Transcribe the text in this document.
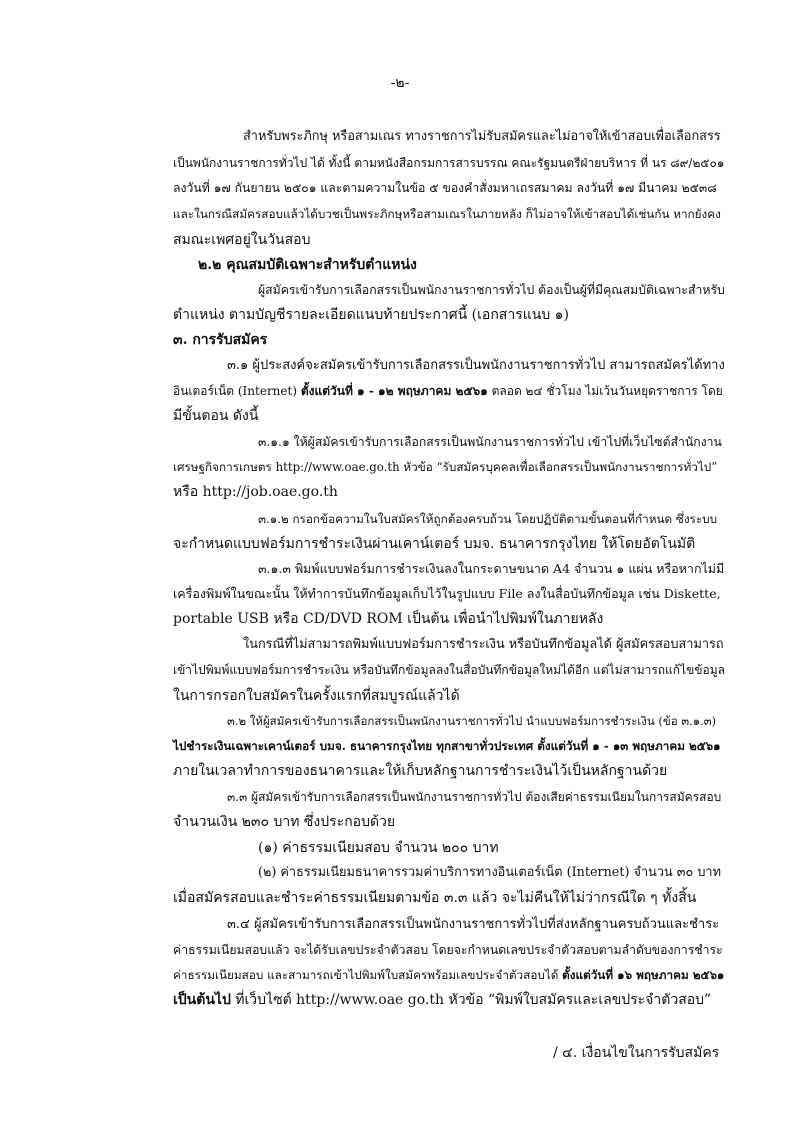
-๒-
สำหรับพระภิกษุ หรือสามเณร ทางราชการไม่รับสมัครและไม่อาจให้เข้าสอบเพื่อเลือกสรร
เป็นพนักงานราชการทั่วไป ได้ ทั้งนี้ ตามหนังสือกรมการสารบรรณ คณะรัฐมนตรีฝ่ายบริหาร ที่ นร ๘๙/๒๕๐๑
ลงวันที่ ๑๗ กันยายน ๒๕๐๑ และตามความในข้อ ๕ ของคำสั่งมหาเถรสมาคม ลงวันที่ ๑๗ มีนาคม ๒๕๓๘
และในกรณีสมัครสอบแล้วได้บวชเป็นพระภิกษุหรือสามเณรในภายหลัง ก็ไม่อาจให้เข้าสอบได้เช่นกัน หากยังคง
สมณะเพศอยู่ในวันสอบ
๒.๒ คุณสมบัติเฉพาะสำหรับตำแหน่ง
ผู้สมัครเข้ารับการเลือกสรรเป็นพนักงานราชการทั่วไป ต้องเป็นผู้ที่มีคุณสมบัติเฉพาะสำหรับ
ตำแหน่ง ตามบัญชีรายละเอียดแนบท้ายประกาศนี้ (เอกสารแนบ ๑)
๓. การรับสมัคร
๓.๑ ผู้ประสงค์จะสมัครเข้ารับการเลือกสรรเป็นพนักงานราชการทั่วไป สามารถสมัครได้ทาง
อินเตอร์เน็ต (Internet) ตั้งแต่วันที่ ๑ - ๑๒ พฤษภาคม ๒๕๖๑ ตลอด ๒๔ ชั่วโมง ไม่เว้นวันหยุดราชการ โดย
มีขั้นตอน ดังนี้
๓.๑.๑ ให้ผู้สมัครเข้ารับการเลือกสรรเป็นพนักงานราชการทั่วไป เข้าไปที่เว็บไซต์สำนักงาน
เศรษฐกิจการเกษตร http://www.oae.go.th หัวข้อ “รับสมัครบุคคลเพื่อเลือกสรรเป็นพนักงานราชการทั่วไป”
หรือ http://job.oae.go.th
๓.๑.๒ กรอกข้อความในใบสมัครให้ถูกต้องครบถ้วน โดยปฏิบัติตามขั้นตอนที่กำหนด ซึ่งระบบ
จะกำหนดแบบฟอร์มการชำระเงินผ่านเคาน์เตอร์ บมจ. ธนาคารกรุงไทย ให้โดยอัตโนมัติ
๓.๑.๓ พิมพ์แบบฟอร์มการชำระเงินลงในกระดาษขนาด A4 จำนวน ๑ แผ่น หรือหากไม่มี
เครื่องพิมพ์ในขณะนั้น ให้ทำการบันทึกข้อมูลเก็บไว้ในรูปแบบ File ลงในสื่อบันทึกข้อมูล เช่น Diskette,
portable USB หรือ CD/DVD ROM เป็นต้น เพื่อนำไปพิมพ์ในภายหลัง
ในกรณีที่ไม่สามารถพิมพ์แบบฟอร์มการชำระเงิน หรือบันทึกข้อมูลได้ ผู้สมัครสอบสามารถ
เข้าไปพิมพ์แบบฟอร์มการชำระเงิน หรือบันทึกข้อมูลลงในสื่อบันทึกข้อมูลใหม่ได้อีก แต่ไม่สามารถแก้ไขข้อมูล
ในการกรอกใบสมัครในครั้งแรกที่สมบูรณ์แล้วได้
๓.๒ ให้ผู้สมัครเข้ารับการเลือกสรรเป็นพนักงานราชการทั่วไป นำแบบฟอร์มการชำระเงิน (ข้อ ๓.๑.๓)
ไปชำระเงินเฉพาะเคาน์เตอร์ บมจ. ธนาคารกรุงไทย ทุกสาขาทั่วประเทศ ตั้งแต่วันที่ ๑ - ๑๓ พฤษภาคม ๒๕๖๑
ภายในเวลาทำการของธนาคารและให้เก็บหลักฐานการชำระเงินไว้เป็นหลักฐานด้วย
๓.๓ ผู้สมัครเข้ารับการเลือกสรรเป็นพนักงานราชการทั่วไป ต้องเสียค่าธรรมเนียมในการสมัครสอบ
จำนวนเงิน ๒๓๐ บาท ซึ่งประกอบด้วย
(๑) ค่าธรรมเนียมสอบ จำนวน ๒๐๐ บาท
(๒) ค่าธรรมเนียมธนาคารรวมค่าบริการทางอินเตอร์เน็ต (Internet) จำนวน ๓๐ บาท
เมื่อสมัครสอบและชำระค่าธรรมเนียมตามข้อ ๓.๓ แล้ว จะไม่คืนให้ไม่ว่ากรณีใด ๆ ทั้งสิ้น
๓.๔ ผู้สมัครเข้ารับการเลือกสรรเป็นพนักงานราชการทั่วไปที่ส่งหลักฐานครบถ้วนและชำระ
ค่าธรรมเนียมสอบแล้ว จะได้รับเลขประจำตัวสอบ โดยจะกำหนดเลขประจำตัวสอบตามลำดับของการชำระ
ค่าธรรมเนียมสอบ และสามารถเข้าไปพิมพ์ใบสมัครพร้อมเลขประจำตัวสอบได้ ตั้งแต่วันที่ ๑๖ พฤษภาคม ๒๕๖๑
เป็นต้นไป ที่เว็บไซต์ http://www.oae go.th หัวข้อ “พิมพ์ใบสมัครและเลขประจำตัวสอบ”
/ ๔. เงื่อนไขในการรับสมัคร
